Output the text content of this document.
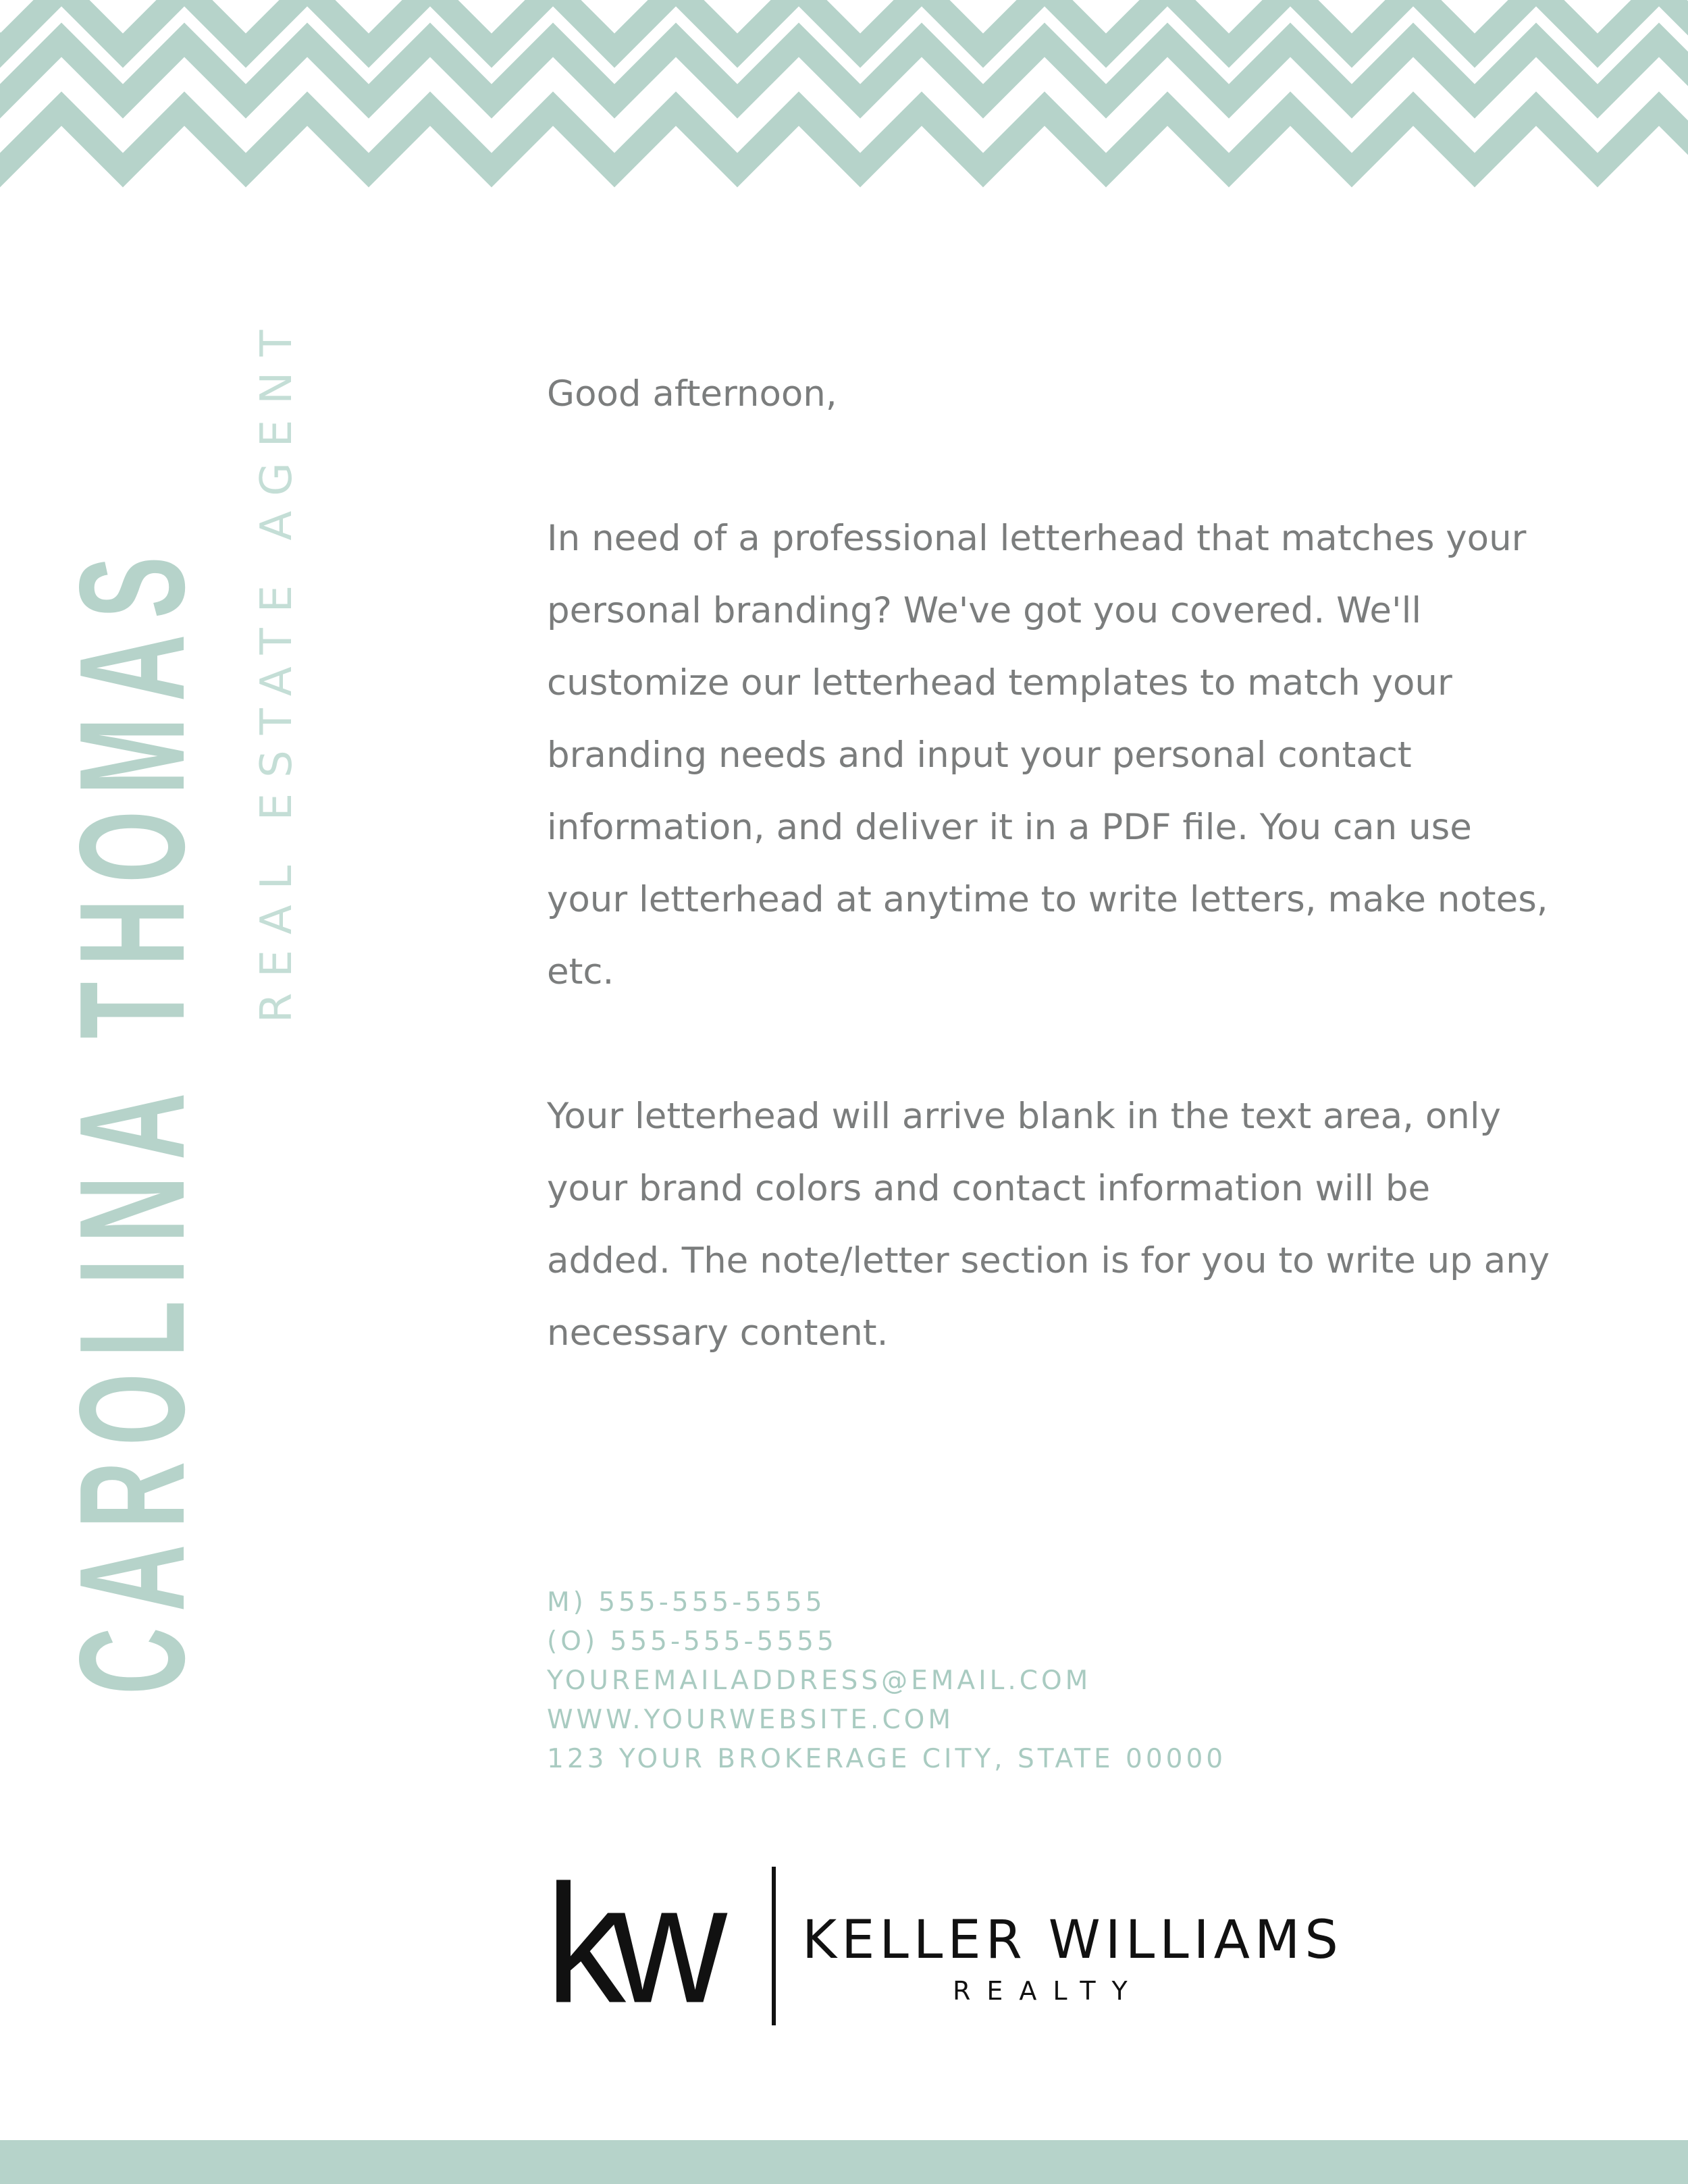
CAROLINA THOMAS REAL ESTATE AGENT	Good afternoon,

In need of a professional letterhead that matches your personal branding? We've got you covered. We'll customize our letterhead templates to match your branding needs and input your personal contact information, and deliver it in a PDF file. You can use your letterhead at anytime to write letters, make notes, etc.

Your letterhead will arrive blank in the text area, only your brand colors and contact information will be added. The note/letter section is for you to write up any necessary content.

M) 555-555-5555
(O) 555-555-5555
YOUREMAILADDRESS@EMAIL.COM
WWW.YOURWEBSITE.COM
123 YOUR BROKERAGE CITY, STATE 00000
kw KELLER WILLIAMS
REALTY
